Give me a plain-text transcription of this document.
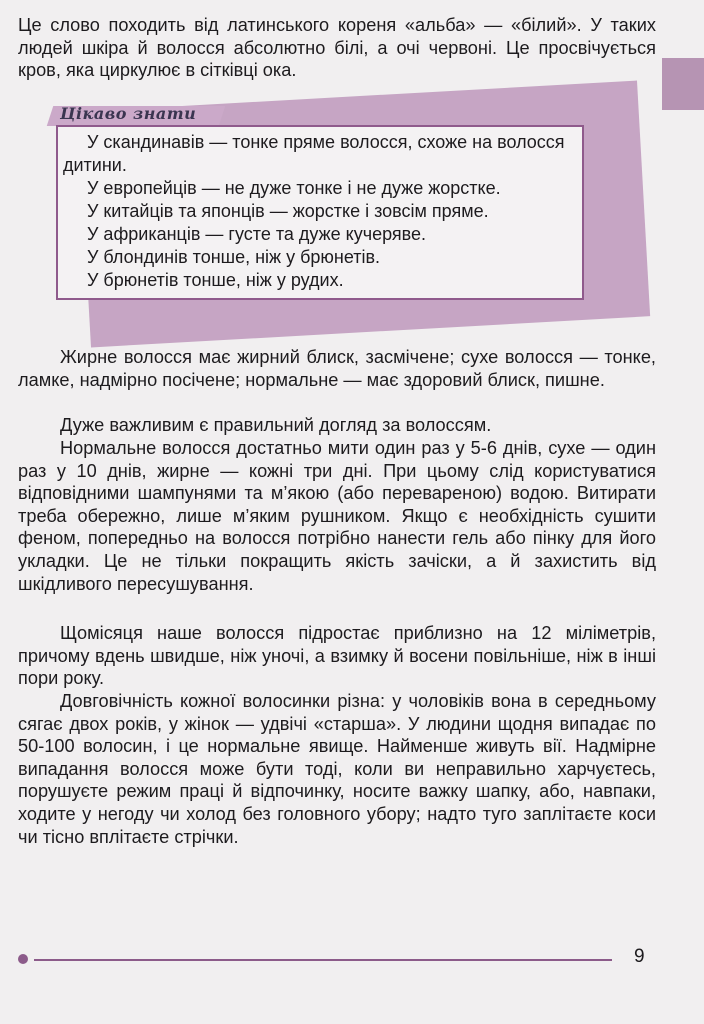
Це слово походить від латинського кореня «альба» — «білий». У таких людей шкіра й волосся абсолютно білі, а очі червоні. Це просвічується кров, яка циркулює в сітківці ока.

Цікаво знати
У скандинавів — тонке пряме волосся, схоже на волосся дитини.
У европейців — не дуже тонке і не дуже жорстке.
У китайців та японців — жорстке і зовсім пряме.
У африканців — густе та дуже кучеряве.
У блондинів тонше, ніж у брюнетів.
У брюнетів тонше, ніж у рудих.

Жирне волосся має жирний блиск, засмічене; сухе волосся — тонке, ламке, надмірно посічене; нормальне — має здоровий блиск, пишне.

Дуже важливим є правильний догляд за волоссям.

Нормальне волосся достатньо мити один раз у 5-6 днів, сухе — один раз у 10 днів, жирне — кожні три дні. При цьому слід користуватися відповідними шампунями та м’якою (або перевареною) водою. Витирати треба обережно, лише м’яким рушником. Якщо є необхідність сушити феном, попередньо на волосся потрібно нанести гель або пінку для його укладки. Це не тільки покращить якість зачіски, а й захистить від шкідливого пересушування.

Щомісяця наше волосся підростає приблизно на 12 міліметрів, причому вдень швидше, ніж уночі, а взимку й восени повільніше, ніж в інші пори року.

Довговічність кожної волосинки різна: у чоловіків вона в середньому сягає двох років, у жінок — удвічі «старша». У людини щодня випадає по 50-100 волосин, і це нормальне явище. Найменше живуть вії. Надмірне випадання волосся може бути тоді, коли ви неправильно харчуєтесь, порушуєте режим праці й відпочинку, носите важку шапку, або, навпаки, ходите у негоду чи холод без головного убору; надто туго заплітаєте коси чи тісно вплітаєте стрічки.

9
